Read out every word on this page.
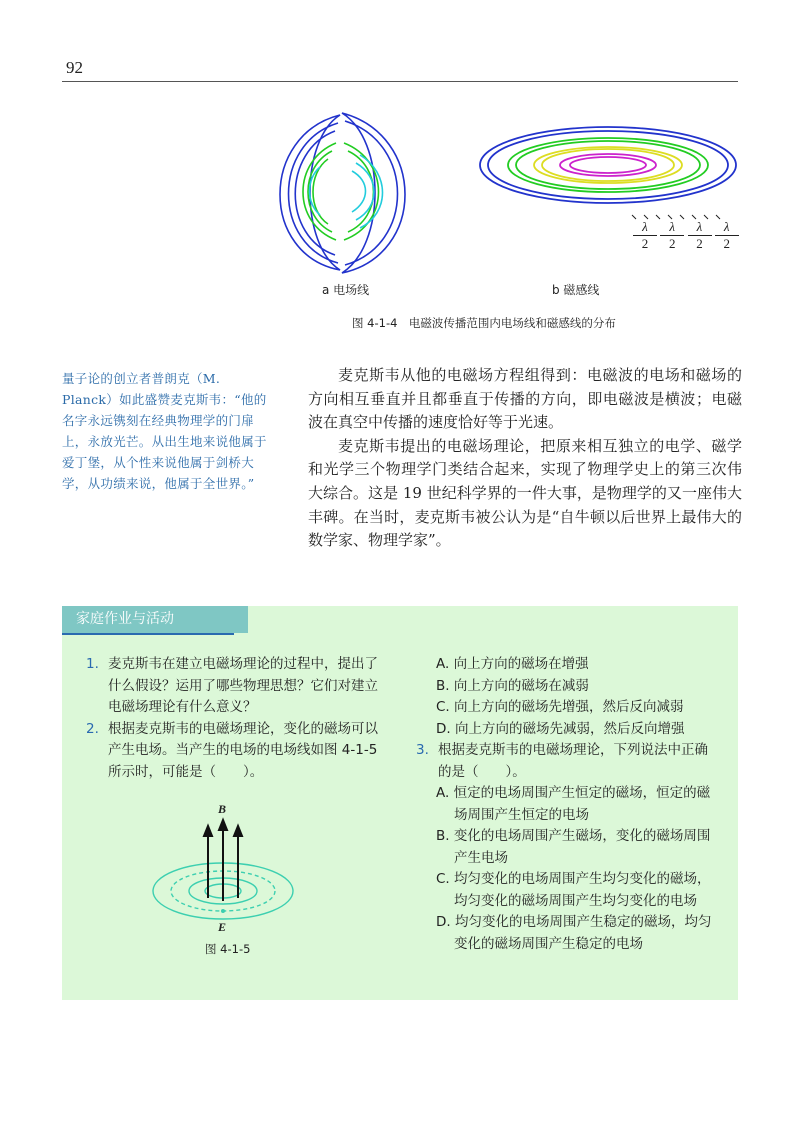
92
a 电场线	b 磁感线
$\frac{\lambda}{2} \frac{\lambda}{2} \frac{\lambda}{2} \frac{\lambda}{2}$
图 4-1-4　电磁波传播范围内电场线和磁感线的分布
量子论的创立者普朗克（M. Planck）如此盛赞麦克斯韦：“他的名字永远镌刻在经典物理学的门扉上，永放光芒。从出生地来说他属于爱丁堡，从个性来说他属于剑桥大学，从功绩来说，他属于全世界。”

麦克斯韦从他的电磁场方程组得到：电磁波的电场和磁场的方向相互垂直并且都垂直于传播的方向，即电磁波是横波；电磁波在真空中传播的速度恰好等于光速。

麦克斯韦提出的电磁场理论，把原来相互独立的电学、磁学和光学三个物理学门类结合起来，实现了物理学史上的第三次伟大综合。这是 19 世纪科学界的一件大事，是物理学的又一座伟大丰碑。在当时，麦克斯韦被公认为是“自牛顿以后世界上最伟大的数学家、物理学家”。

家庭作业与活动
1. 麦克斯韦在建立电磁场理论的过程中，提出了什么假设？运用了哪些物理思想？它们对建立电磁场理论有什么意义？
2. 根据麦克斯韦的电磁场理论，变化的磁场可以产生电场。当产生的电场的电场线如图 4-1-5 所示时，可能是（　　）。
B
E
图 4-1-5
A. 向上方向的磁场在增强
B. 向上方向的磁场在减弱
C. 向上方向的磁场先增强，然后反向减弱
D. 向上方向的磁场先减弱，然后反向增强
3. 根据麦克斯韦的电磁场理论，下列说法中正确的是（　　）。
A. 恒定的电场周围产生恒定的磁场，恒定的磁场周围产生恒定的电场
B. 变化的电场周围产生磁场，变化的磁场周围产生电场
C. 均匀变化的电场周围产生均匀变化的磁场，均匀变化的磁场周围产生均匀变化的电场
D. 均匀变化的电场周围产生稳定的磁场，均匀变化的磁场周围产生稳定的电场
